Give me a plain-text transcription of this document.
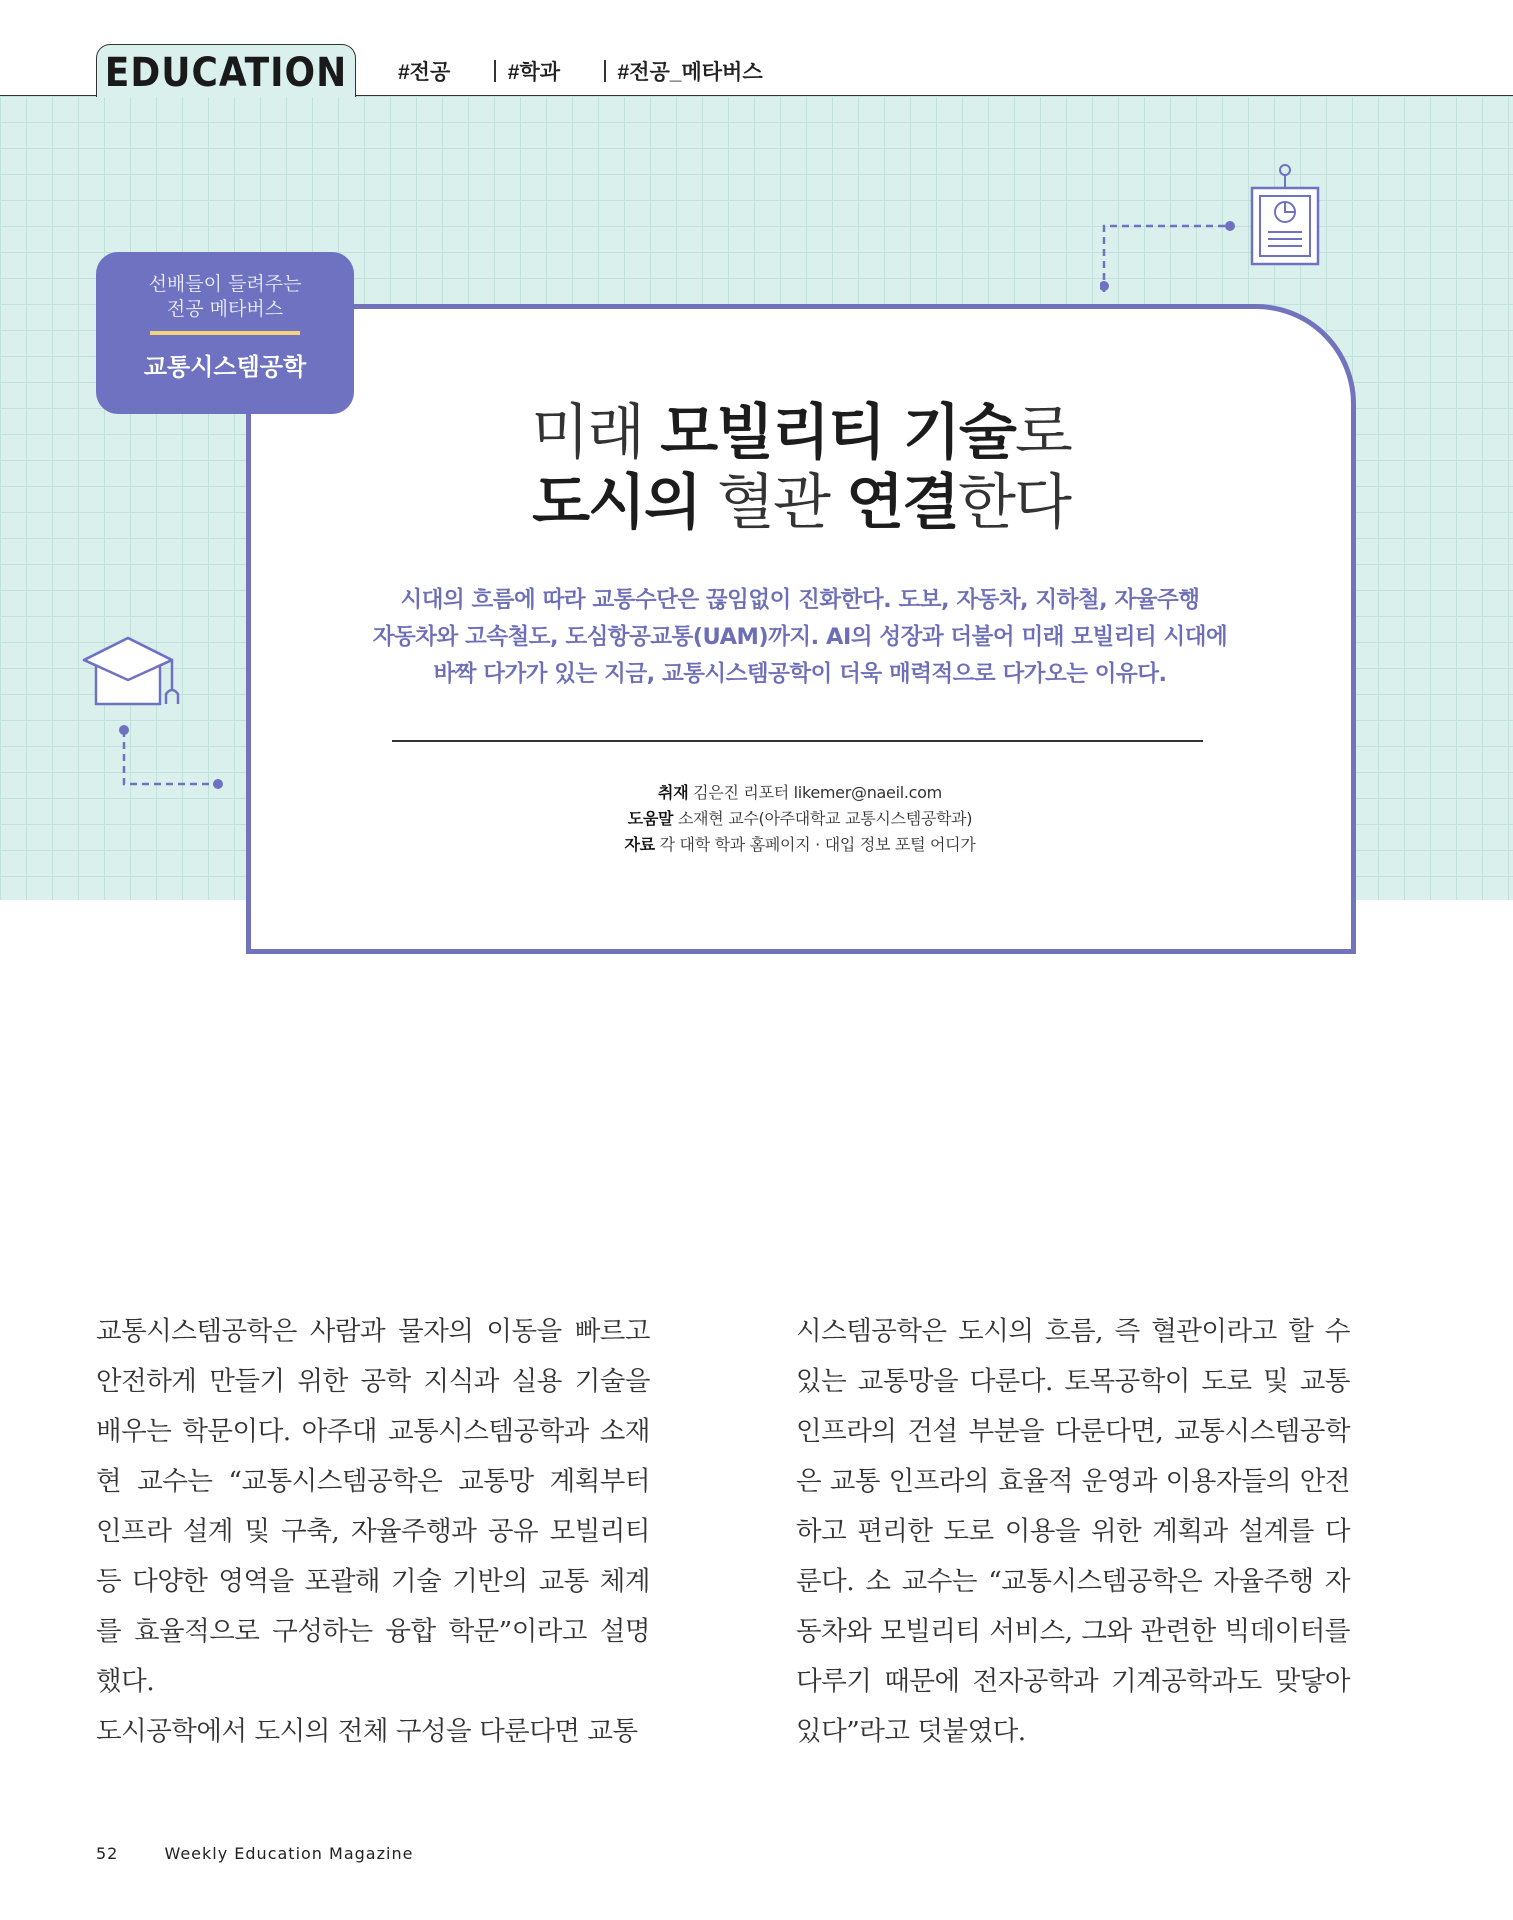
EDUCATION	#전공	#학과	#전공_메타버스
선배들이 들려주는
전공 메타버스
교통시스템공학
미래 모빌리티 기술로
도시의 혈관 연결한다
시대의 흐름에 따라 교통수단은 끊임없이 진화한다. 도보, 자동차, 지하철, 자율주행
자동차와 고속철도, 도심항공교통(UAM)까지. AI의 성장과 더불어 미래 모빌리티 시대에
바짝 다가가 있는 지금, 교통시스템공학이 더욱 매력적으로 다가오는 이유다.
취재 김은진 리포터 likemer@naeil.com
도움말 소재현 교수(아주대학교 교통시스템공학과)
자료 각 대학 학과 홈페이지 · 대입 정보 포털 어디가

교통시스템공학은 사람과 물자의 이동을 빠르고 안전하게 만들기 위한 공학 지식과 실용 기술을 배우는 학문이다. 아주대 교통시스템공학과 소재현 교수는 “교통시스템공학은 교통망 계획부터 인프라 설계 및 구축, 자율주행과 공유 모빌리티 등 다양한 영역을 포괄해 기술 기반의 교통 체계를 효율적으로 구성하는 융합 학문”이라고 설명했다.

도시공학에서 도시의 전체 구성을 다룬다면 교통

시스템공학은 도시의 흐름, 즉 혈관이라고 할 수 있는 교통망을 다룬다. 토목공학이 도로 및 교통 인프라의 건설 부분을 다룬다면, 교통시스템공학은 교통 인프라의 효율적 운영과 이용자들의 안전하고 편리한 도로 이용을 위한 계획과 설계를 다룬다. 소 교수는 “교통시스템공학은 자율주행 자동차와 모빌리티 서비스, 그와 관련한 빅데이터를 다루기 때문에 전자공학과 기계공학과도 맞닿아 있다”라고 덧붙였다.

52	Weekly Education Magazine
